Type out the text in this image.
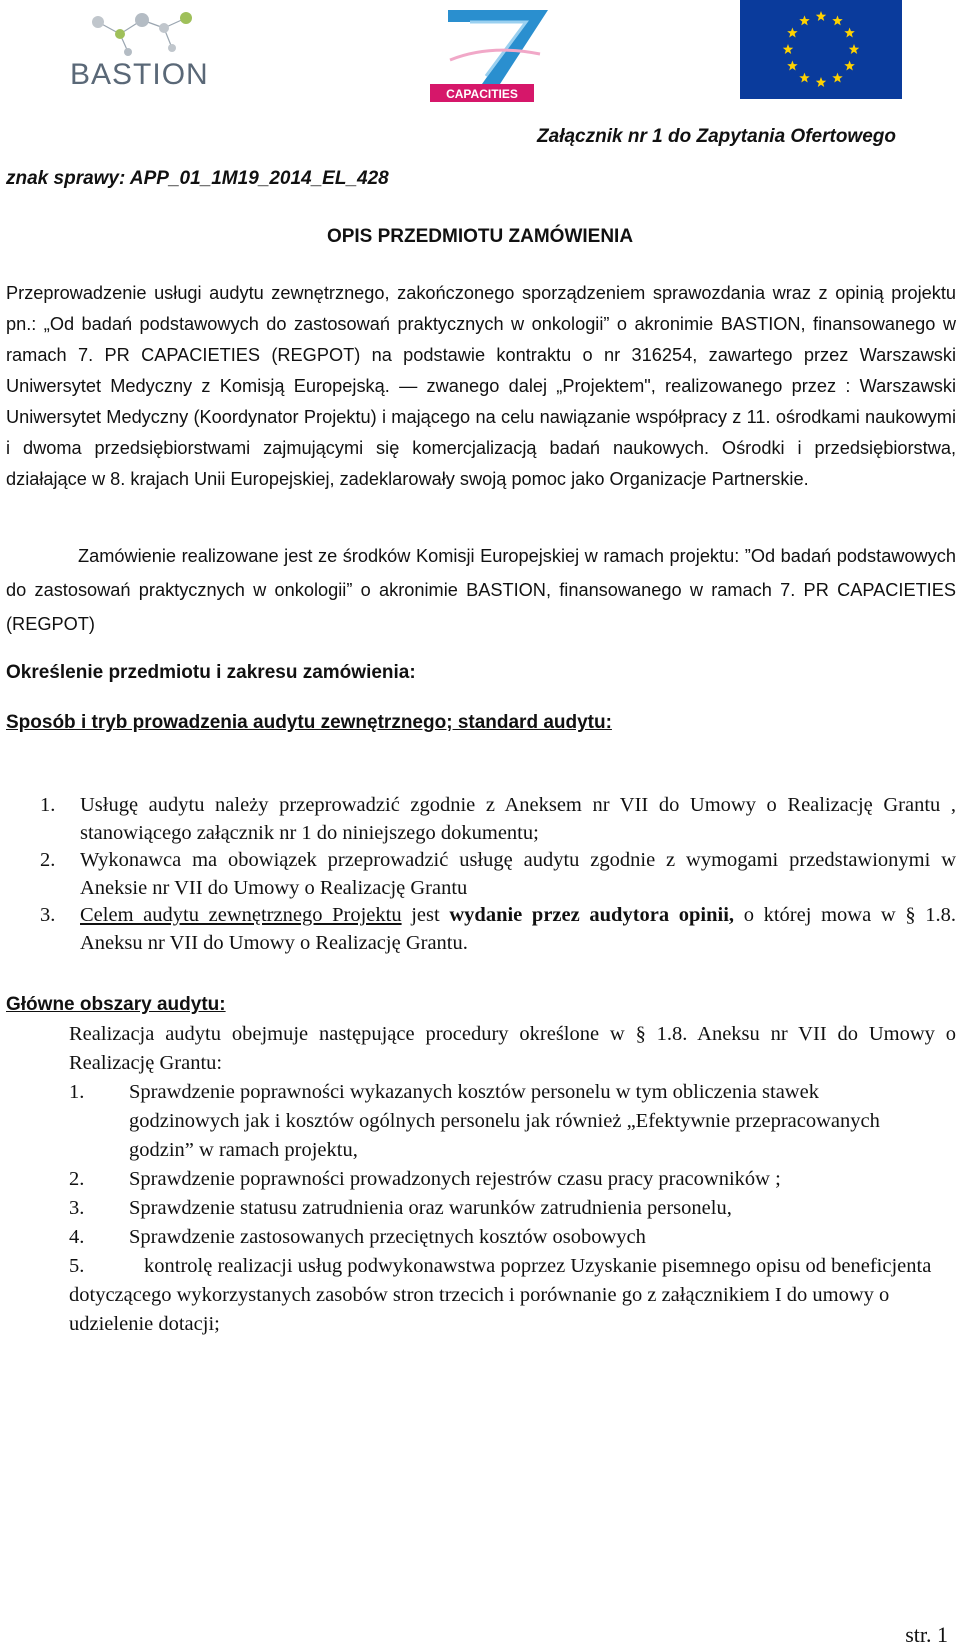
BASTION
CAPACITIES
Załącznik nr 1 do Zapytania Ofertowego
znak sprawy: APP_01_1M19_2014_EL_428
OPIS PRZEDMIOTU ZAMÓWIENIA
Przeprowadzenie usługi audytu zewnętrznego, zakończonego sporządzeniem sprawozdania wraz z opinią projektu pn.: „Od badań podstawowych do zastosowań praktycznych w onkologii” o akronimie BASTION, finansowanego w ramach 7. PR CAPACIETIES (REGPOT) na podstawie kontraktu o nr 316254, zawartego przez Warszawski Uniwersytet Medyczny z Komisją Europejską. — zwanego dalej „Projektem", realizowanego przez : Warszawski Uniwersytet Medyczny (Koordynator Projektu) i mającego na celu nawiązanie współpracy z 11. ośrodkami naukowymi i dwoma przedsiębiorstwami zajmującymi się komercjalizacją badań naukowych. Ośrodki i przedsiębiorstwa, działające w 8. krajach Unii Europejskiej, zadeklarowały swoją pomoc jako Organizacje Partnerskie.
Zamówienie realizowane jest ze środków Komisji Europejskiej w ramach projektu: ”Od badań podstawowych do zastosowań praktycznych w onkologii” o akronimie BASTION, finansowanego w ramach 7. PR CAPACIETIES (REGPOT)
Określenie przedmiotu i zakresu zamówienia:
Sposób i tryb prowadzenia audytu zewnętrznego; standard audytu:
1.	Usługę audytu należy przeprowadzić zgodnie z Aneksem nr VII do Umowy o Realizację Grantu , stanowiącego załącznik nr 1 do niniejszego dokumentu;
2.	Wykonawca ma obowiązek przeprowadzić usługę audytu zgodnie z wymogami przedstawionymi w Aneksie nr VII do Umowy o Realizację Grantu
3.	Celem audytu zewnętrznego Projektu jest wydanie przez audytora opinii, o której mowa w § 1.8. Aneksu nr VII do Umowy o Realizację Grantu.
Główne obszary audytu:
Realizacja audytu obejmuje następujące procedury określone w § 1.8. Aneksu nr VII do Umowy o Realizację Grantu:
1.	Sprawdzenie poprawności wykazanych kosztów personelu w tym obliczenia stawek godzinowych jak i kosztów ogólnych personelu jak również „Efektywnie przepracowanych godzin” w ramach projektu,
2.	Sprawdzenie poprawności prowadzonych rejestrów czasu pracy pracowników ;
3.	Sprawdzenie statusu zatrudnienia oraz warunków zatrudnienia personelu,
4.	Sprawdzenie zastosowanych przeciętnych kosztów osobowych
5.	kontrolę realizacji usług podwykonawstwa poprzez Uzyskanie pisemnego opisu od beneficjenta dotyczącego wykorzystanych zasobów stron trzecich i porównanie go z załącznikiem I do umowy o udzielenie dotacji;
str. 1
